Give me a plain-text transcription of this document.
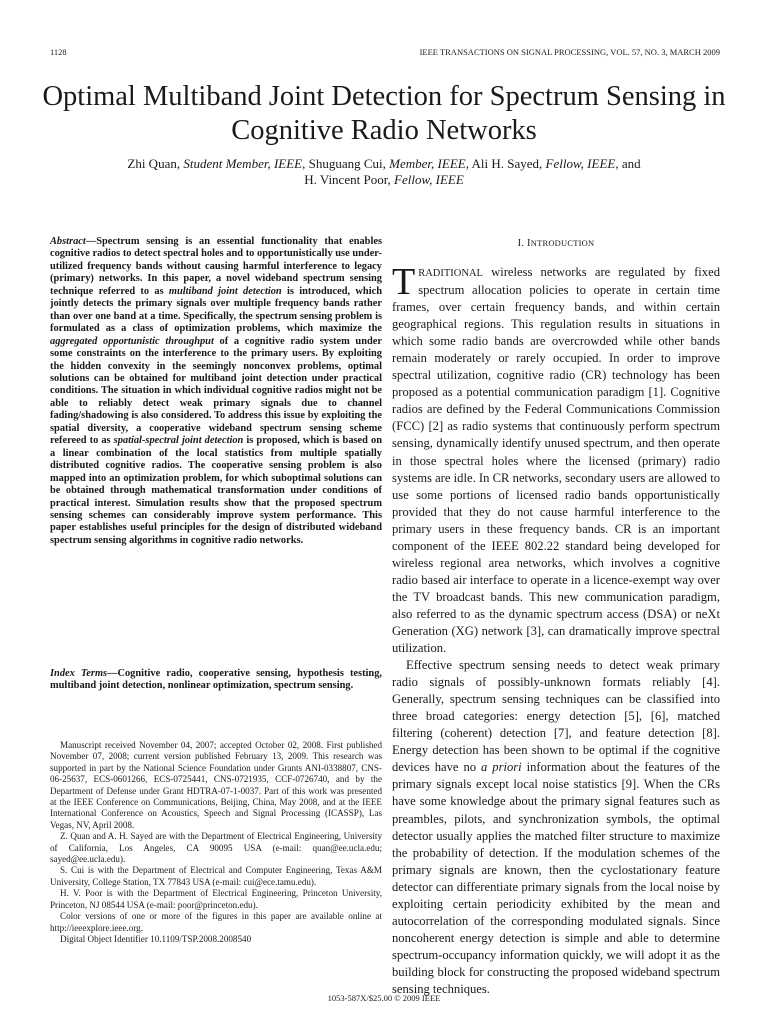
1128	IEEE TRANSACTIONS ON SIGNAL PROCESSING, VOL. 57, NO. 3, MARCH 2009
Optimal Multiband Joint Detection for Spectrum Sensing in Cognitive Radio Networks
Zhi Quan, Student Member, IEEE, Shuguang Cui, Member, IEEE, Ali H. Sayed, Fellow, IEEE, and
H. Vincent Poor, Fellow, IEEE
Abstract—Spectrum sensing is an essential functionality that enables cognitive radios to detect spectral holes and to opportunistically use under-utilized frequency bands without causing harmful interference to legacy (primary) networks. In this paper, a novel wideband spectrum sensing technique referred to as multiband joint detection is introduced, which jointly detects the primary signals over multiple frequency bands rather than over one band at a time. Specifically, the spectrum sensing problem is formulated as a class of optimization problems, which maximize the aggregated opportunistic throughput of a cognitive radio system under some constraints on the interference to the primary users. By exploiting the hidden convexity in the seemingly nonconvex problems, optimal solutions can be obtained for multiband joint detection under practical conditions. The situation in which individual cognitive radios might not be able to reliably detect weak primary signals due to channel fading/shadowing is also considered. To address this issue by exploiting the spatial diversity, a cooperative wideband spectrum sensing scheme refereed to as spatial-spectral joint detection is proposed, which is based on a linear combination of the local statistics from multiple spatially distributed cognitive radios. The cooperative sensing problem is also mapped into an optimization problem, for which suboptimal solutions can be obtained through mathematical transformation under conditions of practical interest. Simulation results show that the proposed spectrum sensing schemes can considerably improve system performance. This paper establishes useful principles for the design of distributed wideband spectrum sensing algorithms in cognitive radio networks.
Index Terms—Cognitive radio, cooperative sensing, hypothesis testing, multiband joint detection, nonlinear optimization, spectrum sensing.

Manuscript received November 04, 2007; accepted October 02, 2008. First published November 07, 2008; current version published February 13, 2009. This research was supported in part by the National Science Foundation under Grants ANI-0338807, CNS-06-25637, ECS-0601266, ECS-0725441, CNS-0721935, CCF-0726740, and by the Department of Defense under Grant HDTRA-07-1-0037. Part of this work was presented at the IEEE Conference on Communications, Beijing, China, May 2008, and at the IEEE International Conference on Acoustics, Speech and Signal Processing (ICASSP), Las Vegas, NV, April 2008.

Z. Quan and A. H. Sayed are with the Department of Electrical Engineering, University of California, Los Angeles, CA 90095 USA (e-mail: quan@ee.ucla.edu; sayed@ee.ucla.edu).

S. Cui is with the Department of Electrical and Computer Engineering, Texas A&M University, College Station, TX 77843 USA (e-mail: cui@ece.tamu.edu).

H. V. Poor is with the Department of Electrical Engineering, Princeton University, Princeton, NJ 08544 USA (e-mail: poor@princeton.edu).

Color versions of one or more of the figures in this paper are available online at http://ieeexplore.ieee.org.

Digital Object Identifier 10.1109/TSP.2008.2008540

I. INTRODUCTION

TRADITIONAL wireless networks are regulated by fixed spectrum allocation policies to operate in certain time frames, over certain frequency bands, and within certain geographical regions. This regulation results in situations in which some radio bands are overcrowded while other bands remain moderately or rarely occupied. In order to improve spectral utilization, cognitive radio (CR) technology has been proposed as a potential communication paradigm [1]. Cognitive radios are defined by the Federal Communications Commission (FCC) [2] as radio systems that continuously perform spectrum sensing, dynamically identify unused spectrum, and then operate in those spectral holes where the licensed (primary) radio systems are idle. In CR networks, secondary users are allowed to use some portions of licensed radio bands opportunistically provided that they do not cause harmful interference to the primary users in these frequency bands. CR is an important component of the IEEE 802.22 standard being developed for wireless regional area networks, which involves a cognitive radio based air interface to operate in a licence-exempt way over the TV broadcast bands. This new communication paradigm, also referred to as the dynamic spectrum access (DSA) or neXt Generation (XG) network [3], can dramatically improve spectral utilization.

Effective spectrum sensing needs to detect weak primary radio signals of possibly-unknown formats reliably [4]. Generally, spectrum sensing techniques can be classified into three broad categories: energy detection [5], [6], matched filtering (coherent) detection [7], and feature detection [8]. Energy detection has been shown to be optimal if the cognitive devices have no a priori information about the features of the primary signals except local noise statistics [9]. When the CRs have some knowledge about the primary signal features such as preambles, pilots, and synchronization symbols, the optimal detector usually applies the matched filter structure to maximize the probability of detection. If the modulation schemes of the primary signals are known, then the cyclostationary feature detector can differentiate primary signals from the local noise by exploiting certain periodicity exhibited by the mean and autocorrelation of the corresponding modulated signals. Since noncoherent energy detection is simple and able to determine spectrum-occupancy information quickly, we will adopt it as the building block for constructing the proposed wideband spectrum sensing techniques.

1053-587X/$25.00 © 2009 IEEE
